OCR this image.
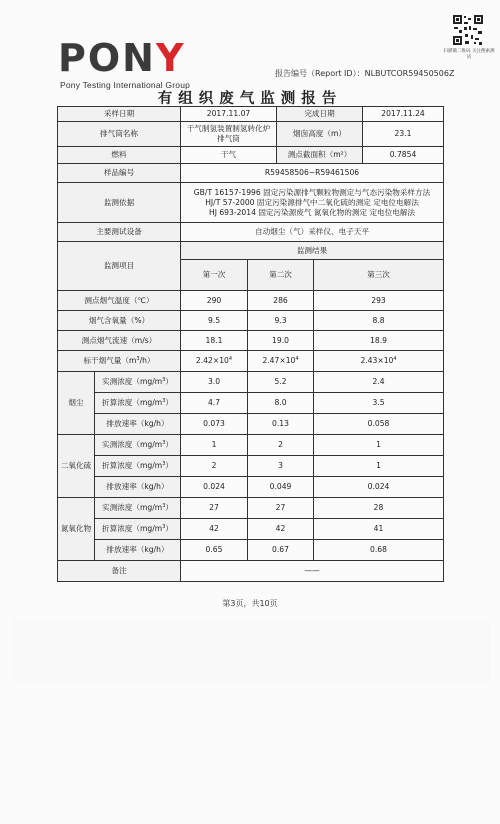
PONY
Pony Testing International Group
扫描微二维码 关注搜索测试
报告编号（Report ID）：NLBUTCOR59450506Z
有组织废气监测报告
采样日期		2017.11.07		完成日期		2017.11.24	
排气筒名称		干气制氢装置制氢转化炉排气筒		烟囱高度（m）		23.1	
燃料		干气		测点截面积（m²）		0.7854	
样品编号		R59458506~R59461506					
监测依据		GB/T 16157-1996 固定污染源排气颗粒物测定与气态污染物采样方法
HJ/T 57-2000 固定污染源排气中二氧化硫的测定 定电位电解法
HJ 693-2014 固定污染源废气 氮氧化物的测定 定电位电解法					

主要测试设备		自动烟尘（气）采样仪、电子天平					
监测项目		监测结果					
		第一次	第二次		第三次	
测点烟气温度（℃）		290	286		293	
烟气含氧量（%）		9.5	9.3		8.8	
测点烟气流速（m/s）		18.1	19.0		18.9	
标干烟气量$(m^3/h)$		$2.42\times 10^4$	$2.47\times 10^4$		$2.43\times 10^4$	
烟尘	实测浓度$(mg/m^3)$	3.0	5.2		2.4	
	折算浓度$(mg/m^3)$	4.7	8.0		3.5	
	排放速率（kg/h）	0.073	0.13		0.058	
二氧化硫	实测浓度$(mg/m^3)$	1	2		1	
	折算浓度$(mg/m^3)$	2	3		1	
	排放速率（kg/h）	0.024	0.049		0.024	
氮氧化物	实测浓度$(mg/m^3)$	27	27		28	
	折算浓度$(mg/m^3)$	42	42		41	
	排放速率（kg/h）	0.65	0.67		0.68	
备注		——					
第3页，共10页
